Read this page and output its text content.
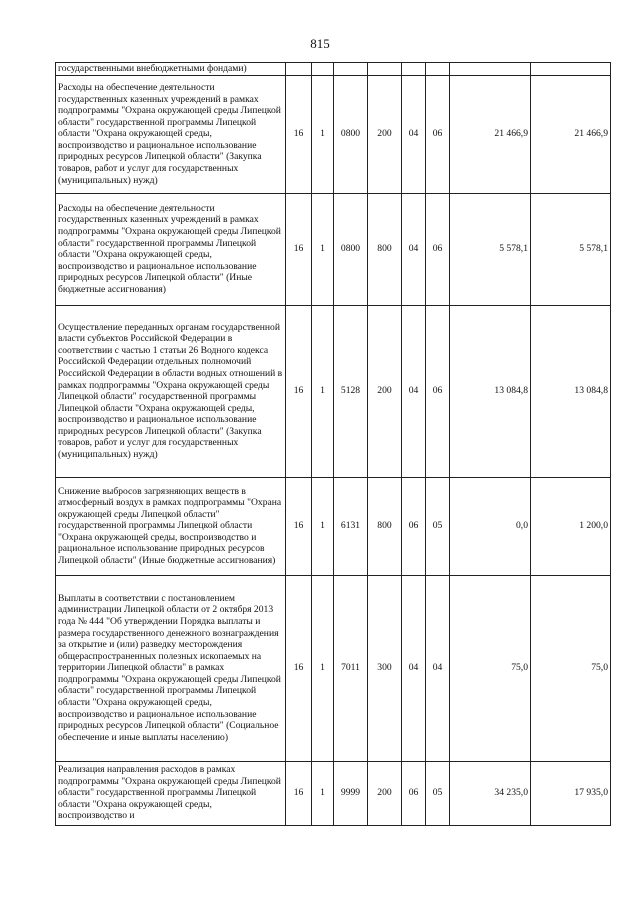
815
государственными внебюджетными фондами)								
Расходы на обеспечение деятельности государственных казенных учреждений в рамках подпрограммы "Охрана окружающей среды Липецкой области" государственной программы Липецкой области "Охрана окружающей среды, воспроизводство и рациональное использование природных ресурсов Липецкой области" (Закупка товаров, работ и услуг для государственных (муниципальных) нужд)	16	1	0800	200	04	06	21 466,9	21 466,9
Расходы на обеспечение деятельности государственных казенных учреждений в рамках подпрограммы "Охрана окружающей среды Липецкой области" государственной программы Липецкой области "Охрана окружающей среды, воспроизводство и рациональное использование природных ресурсов Липецкой области" (Иные бюджетные ассигнования)	16	1	0800	800	04	06	5 578,1	5 578,1
Осуществление переданных органам государственной власти субъектов Российской Федерации в соответствии с частью 1 статьи 26 Водного кодекса Российской Федерации отдельных полномочий Российской Федерации в области водных отношений в рамках подпрограммы "Охрана окружающей среды Липецкой области" государственной программы Липецкой области "Охрана окружающей среды, воспроизводство и рациональное использование природных ресурсов Липецкой области" (Закупка товаров, работ и услуг для государственных (муниципальных) нужд)	16	1	5128	200	04	06	13 084,8	13 084,8
Снижение выбросов загрязняющих веществ в атмосферный воздух в рамках подпрограммы "Охрана окружающей среды Липецкой области" государственной программы Липецкой области "Охрана окружающей среды, воспроизводство и рациональное использование природных ресурсов Липецкой области" (Иные бюджетные ассигнования)	16	1	6131	800	06	05	0,0	1 200,0
Выплаты в соответствии с постановлением администрации Липецкой области от 2 октября 2013 года № 444 "Об утверждении Порядка выплаты и размера государственного денежного вознаграждения за открытие и (или) разведку месторождения общераспространенных полезных ископаемых на территории Липецкой области" в рамках подпрограммы "Охрана окружающей среды Липецкой области" государственной программы Липецкой области "Охрана окружающей среды, воспроизводство и рациональное использование природных ресурсов Липецкой области" (Социальное обеспечение и иные выплаты населению)	16	1	7011	300	04	04	75,0	75,0
Реализация направления расходов в рамках подпрограммы "Охрана окружающей среды Липецкой области" государственной программы Липецкой области "Охрана окружающей среды, воспроизводство и	16	1	9999	200	06	05	34 235,0	17 935,0
